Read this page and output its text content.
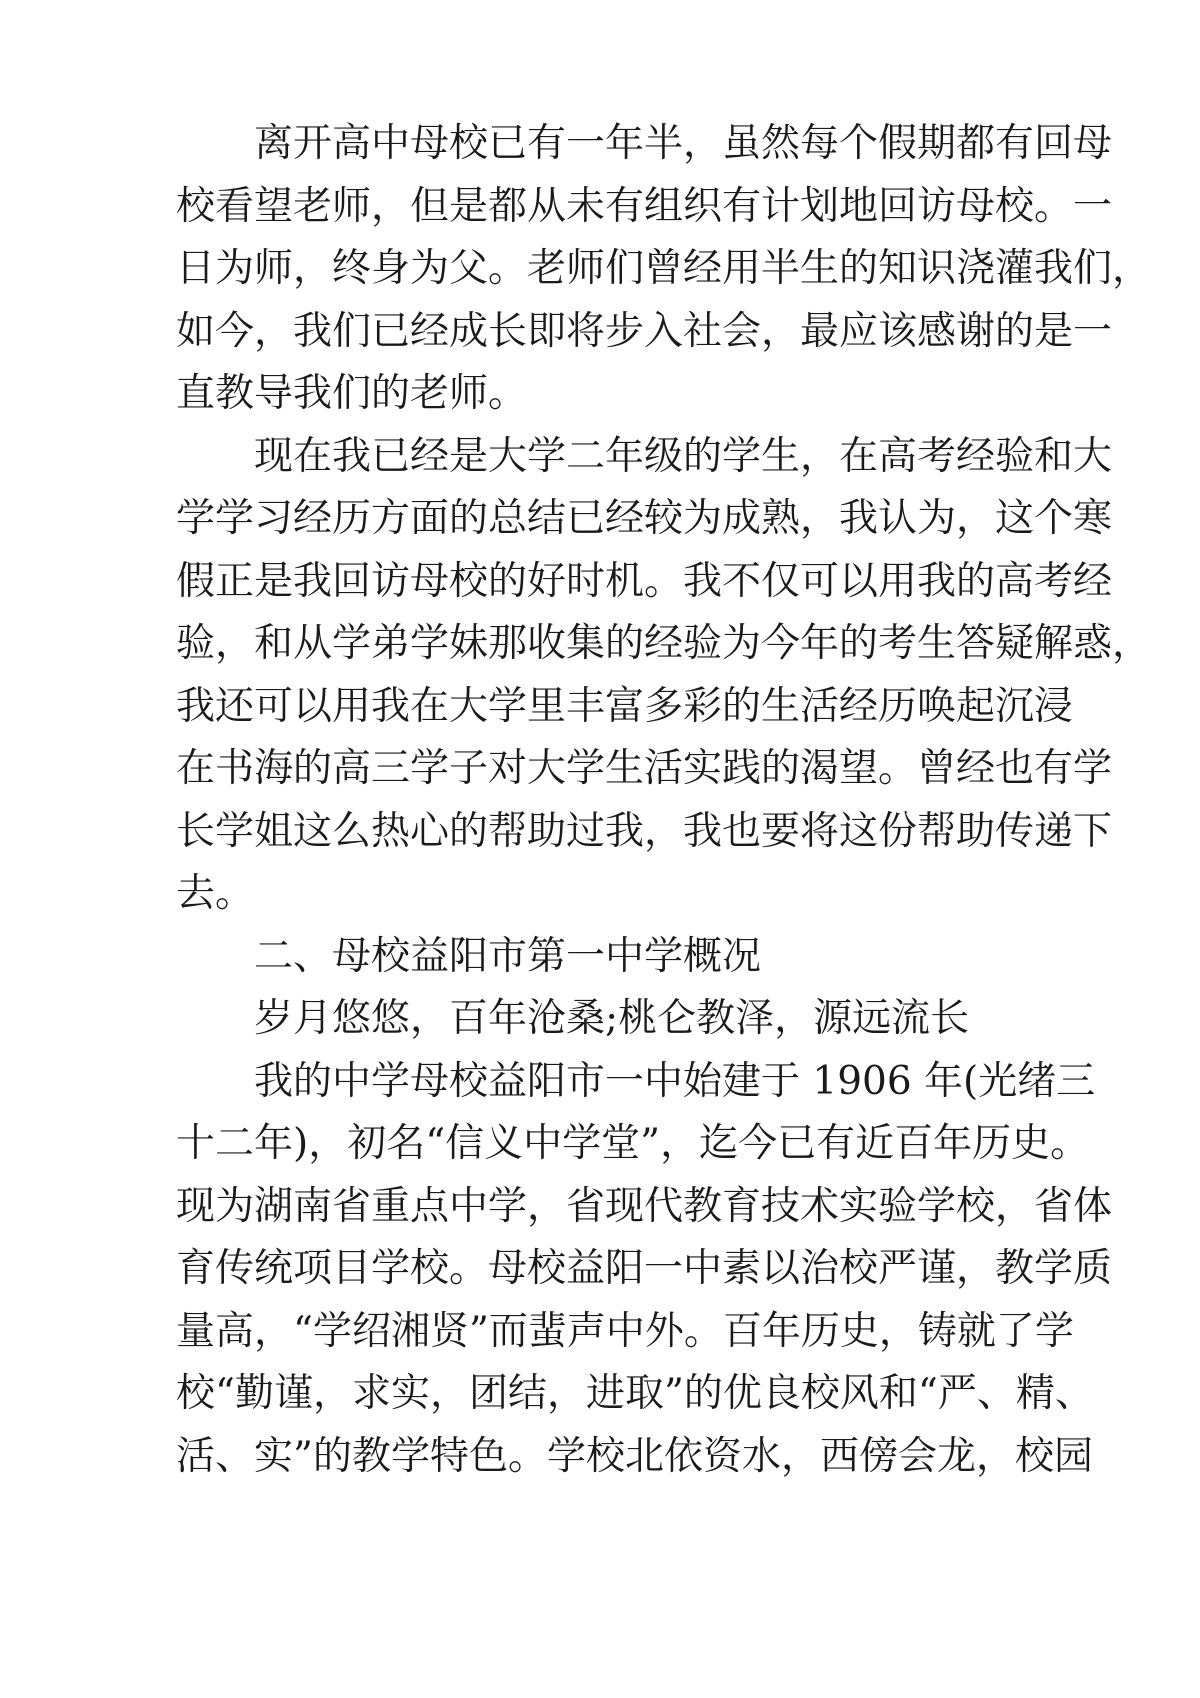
离开高中母校已有一年半，虽然每个假期都有回母
校看望老师，但是都从未有组织有计划地回访母校。一
日为师，终身为父。老师们曾经用半生的知识浇灌我们，
如今，我们已经成长即将步入社会，最应该感谢的是一
直教导我们的老师。
现在我已经是大学二年级的学生，在高考经验和大
学学习经历方面的总结已经较为成熟，我认为，这个寒
假正是我回访母校的好时机。我不仅可以用我的高考经
验，和从学弟学妹那收集的经验为今年的考生答疑解惑，
我还可以用我在大学里丰富多彩的生活经历唤起沉浸
在书海的高三学子对大学生活实践的渴望。曾经也有学
长学姐这么热心的帮助过我，我也要将这份帮助传递下
去。
二、母校益阳市第一中学概况
岁月悠悠，百年沧桑;桃仑教泽，源远流长
我的中学母校益阳市一中始建于 1906 年(光绪三
十二年)，初名“信义中学堂”，迄今已有近百年历史。
现为湖南省重点中学，省现代教育技术实验学校，省体
育传统项目学校。母校益阳一中素以治校严谨，教学质
量高，“学绍湘贤”而蜚声中外。百年历史，铸就了学
校“勤谨，求实，团结，进取”的优良校风和“严、精、
活、实”的教学特色。学校北依资水，西傍会龙，校园
